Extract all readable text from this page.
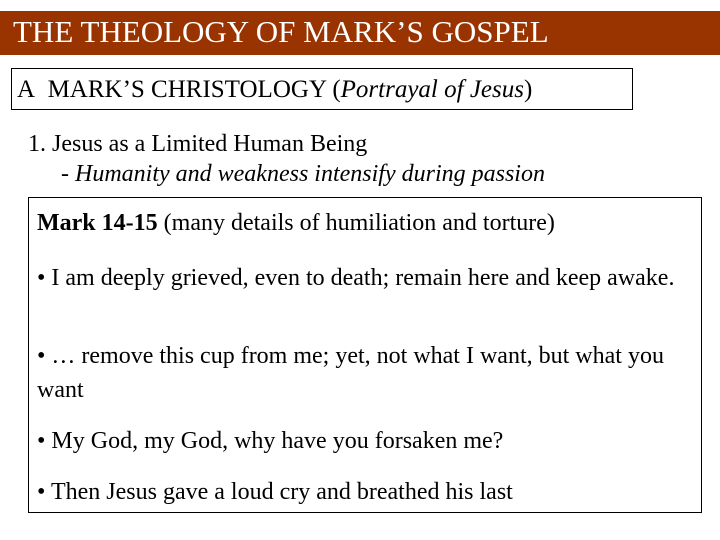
THE THEOLOGY OF MARK’S GOSPEL
A MARK’S CHRISTOLOGY (Portrayal of Jesus)
1. Jesus as a Limited Human Being
- Humanity and weakness intensify during passion
Mark 14-15 (many details of humiliation and torture)
• I am deeply grieved, even to death; remain here and keep awake.
• … remove this cup from me; yet, not what I want, but what you want
• My God, my God, why have you forsaken me?
• Then Jesus gave a loud cry and breathed his last
